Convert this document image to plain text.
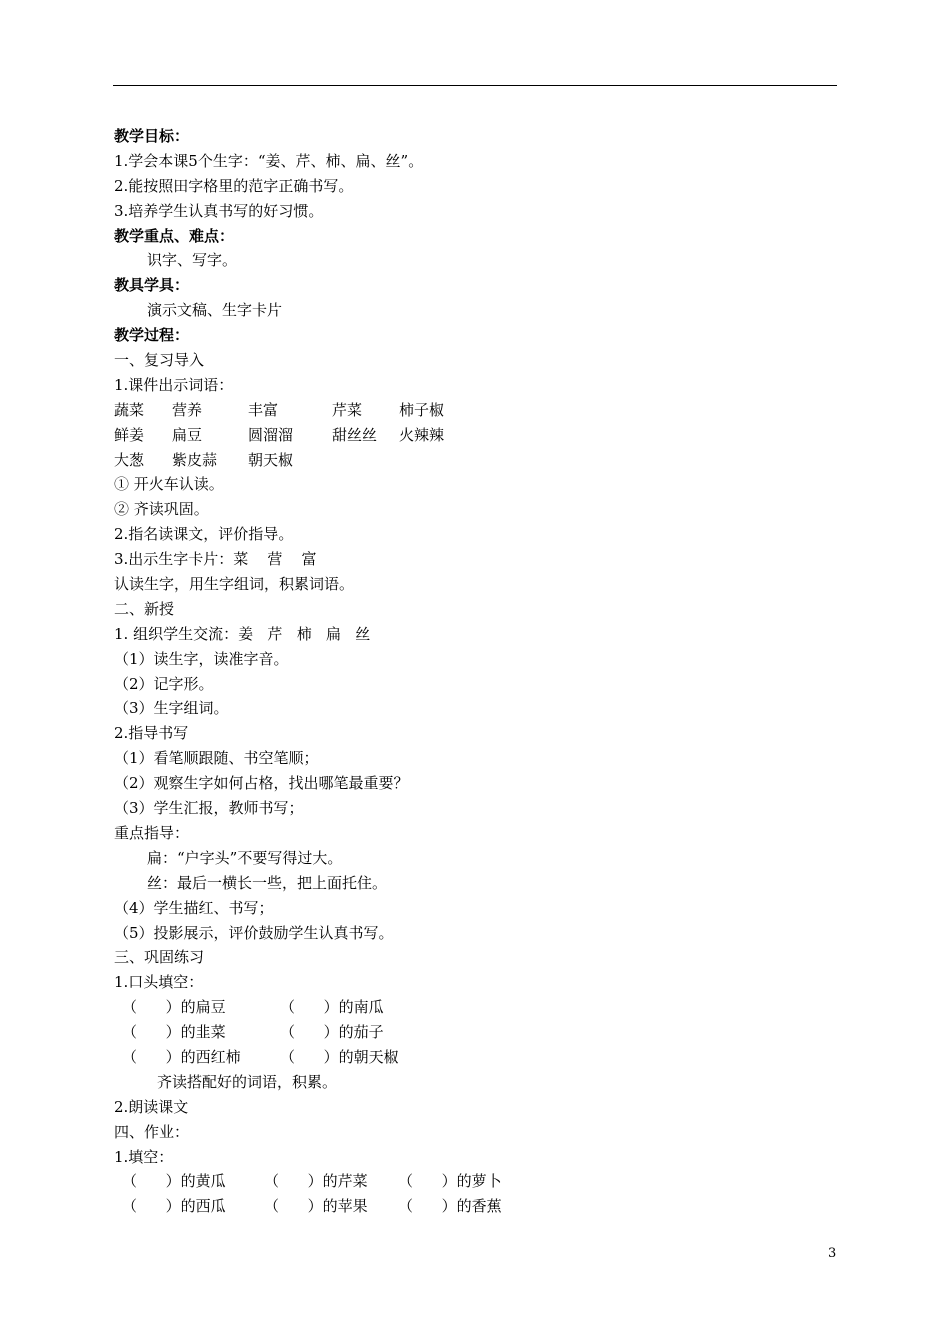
教学目标：
1.学会本课5个生字：“姜、芹、柿、扁、丝”。
2.能按照田字格里的范字正确书写。
3.培养学生认真书写的好习惯。
教学重点、难点：
识字、写字。
教具学具：
演示文稿、生字卡片
教学过程：
一、复习导入
1.课件出示词语：
蔬菜 营养	丰富	芹菜 柿子椒
鲜姜 扁豆	圆溜溜	甜丝丝 火辣辣
大葱 紫皮蒜 朝天椒
① 开火车认读。
② 齐读巩固。
2.指名读课文，评价指导。
3.出示生字卡片：菜    营    富
认读生字，用生字组词，积累词语。
二、新授
1. 组织学生交流：姜   芹   柿   扁   丝
（1）读生字，读准字音。
（2）记字形。
（3）生字组词。
2.指导书写
（1）看笔顺跟随、书空笔顺；
（2）观察生字如何占格，找出哪笔最重要？
（3）学生汇报，教师书写；
重点指导：
扁：“户字头”不要写得过大。
丝：最后一横长一些，把上面托住。
（4）学生描红、书写；
（5）投影展示，评价鼓励学生认真书写。
三、巩固练习
1.口头填空：
（      ）的扁豆	（      ）的南瓜
（      ）的韭菜	（      ）的茄子
（      ）的西红柿	（      ）的朝天椒
齐读搭配好的词语，积累。
2.朗读课文
四、作业：
1.填空：
（      ）的黄瓜	（      ）的芹菜 （      ）的萝卜
（      ）的西瓜	（      ）的苹果 （      ）的香蕉
3
